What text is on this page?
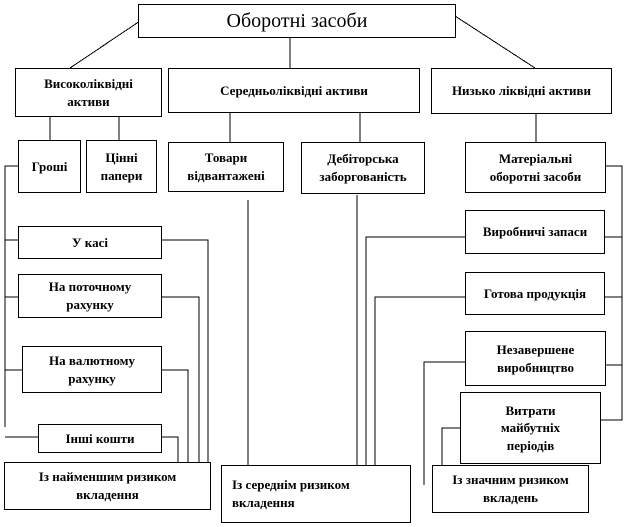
Оборотні засоби
Високоліквідні
активи
Середньоліквідні активи	Низько ліквідні активи
Гроші
Цінні
папери
Товари
відвантажені
Дебіторська
заборгованість
Матеріальні
оборотні засоби
У касі
На поточному
рахунку
На валютному
рахунку
Інші кошти
Виробничі запаси
Готова продукція
Незавершене
виробництво
Витрати
майбутніх
періодів
Із найменшим ризиком
вкладення
Із середнім ризиком
вкладення
Із значним ризиком
вкладень
